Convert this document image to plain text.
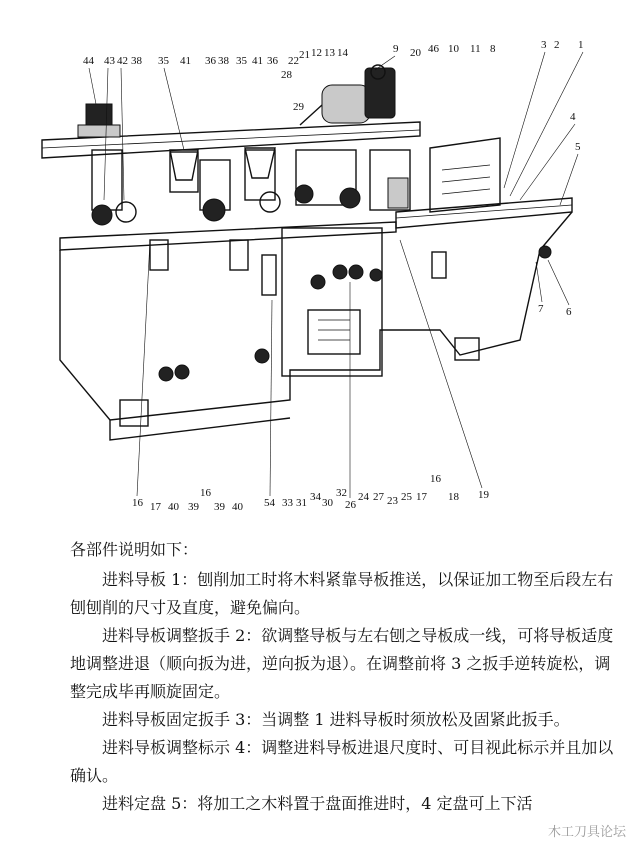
44 43 42 38 35 41 36 38 35 41 36 22 21 12 13 14
28
29
9 20 46 10 11 8	3 2 1
4
5
7 6
16 17 40 39
16
39 40 54 33 31 34 30
32
26
24 27 23 25 17
16
18 19

各部件说明如下：

进料导板 1：刨削加工时将木料紧靠导板推送，以保证加工物至后段左右刨刨削的尺寸及直度，避免偏向。

进料导板调整扳手 2：欲调整导板与左右刨之导板成一线，可将导板适度地调整进退（顺向扳为进，逆向扳为退）。在调整前将 3 之扳手逆转旋松，调整完成毕再顺旋固定。

进料导板固定扳手 3：当调整 1 进料导板时须放松及固紧此扳手。

进料导板调整标示 4：调整进料导板进退尺度时、可目视此标示并且加以确认。

进料定盘 5：将加工之木料置于盘面推进时，4 定盘可上下活

木工刀具论坛
